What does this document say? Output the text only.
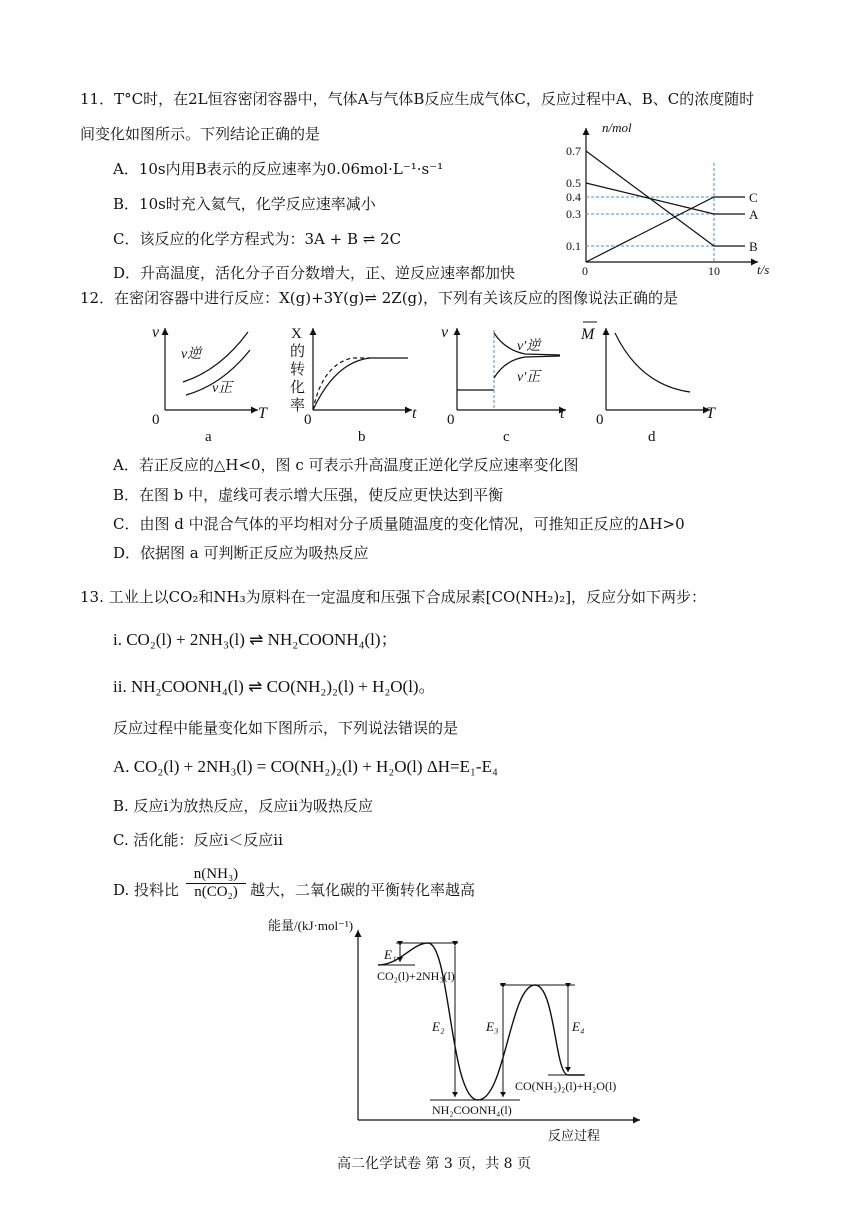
11．T°C时，在2L恒容密闭容器中，气体A与气体B反应生成气体C，反应过程中A、B、C的浓度随时
间变化如图所示。下列结论正确的是
A．10s内用B表示的反应速率为0.06mol·L⁻¹·s⁻¹
B．10s时充入氦气，化学反应速率减小
C．该反应的化学方程式为：3A + B ⇌ 2C
D．升高温度，活化分子百分数增大，正、逆反应速率都加快
n/mol
0.7
0.5
0.4
0.3
0.1
0	10	t/s
C
A
B
12．在密闭容器中进行反应：X(g)+3Y(g)⇌ 2Z(g)，下列有关该反应的图像说法正确的是
v
T
0
v逆
v正
a
X
的
转
化
率	t
0
b
v
t
0
v′逆
v′正
c
M
T
0
d
A．若正反应的△H<0，图 c 可表示升高温度正逆化学反应速率变化图
B．在图 b 中，虚线可表示增大压强，使反应更快达到平衡
C．由图 d 中混合气体的平均相对分子质量随温度的变化情况，可推知正反应的ΔH>0
D．依据图 a 可判断正反应为吸热反应
13. 工业上以CO₂和NH₃为原料在一定温度和压强下合成尿素[CO(NH₂)₂]，反应分如下两步：
i. CO₂(l) + 2NH₃(l) ⇌ NH₂COONH₄(l)；
ii. NH₂COONH₄(l) ⇌ CO(NH₂)₂(l) + H₂O(l)。
反应过程中能量变化如下图所示，下列说法错误的是
A. CO₂(l) + 2NH₃(l) = CO(NH₂)₂(l) + H₂O(l) ΔH=E₁-E₄
B. 反应i为放热反应，反应ii为吸热反应
C. 活化能：反应i＜反应ii
D. 投料比 $\frac{\text{n(NH₃)}}{\text{n(CO₂)}}$ 越大，二氧化碳的平衡转化率越高
能量/(kJ·mol⁻¹)
E₁
E₂	E₃	E₄
CO₂(l)+2NH₃(l)
NH₂COONH₄(l)
CO(NH₂)₂(l)+H₂O(l)
反应过程
高二化学试卷 第 3 页，共 8 页
